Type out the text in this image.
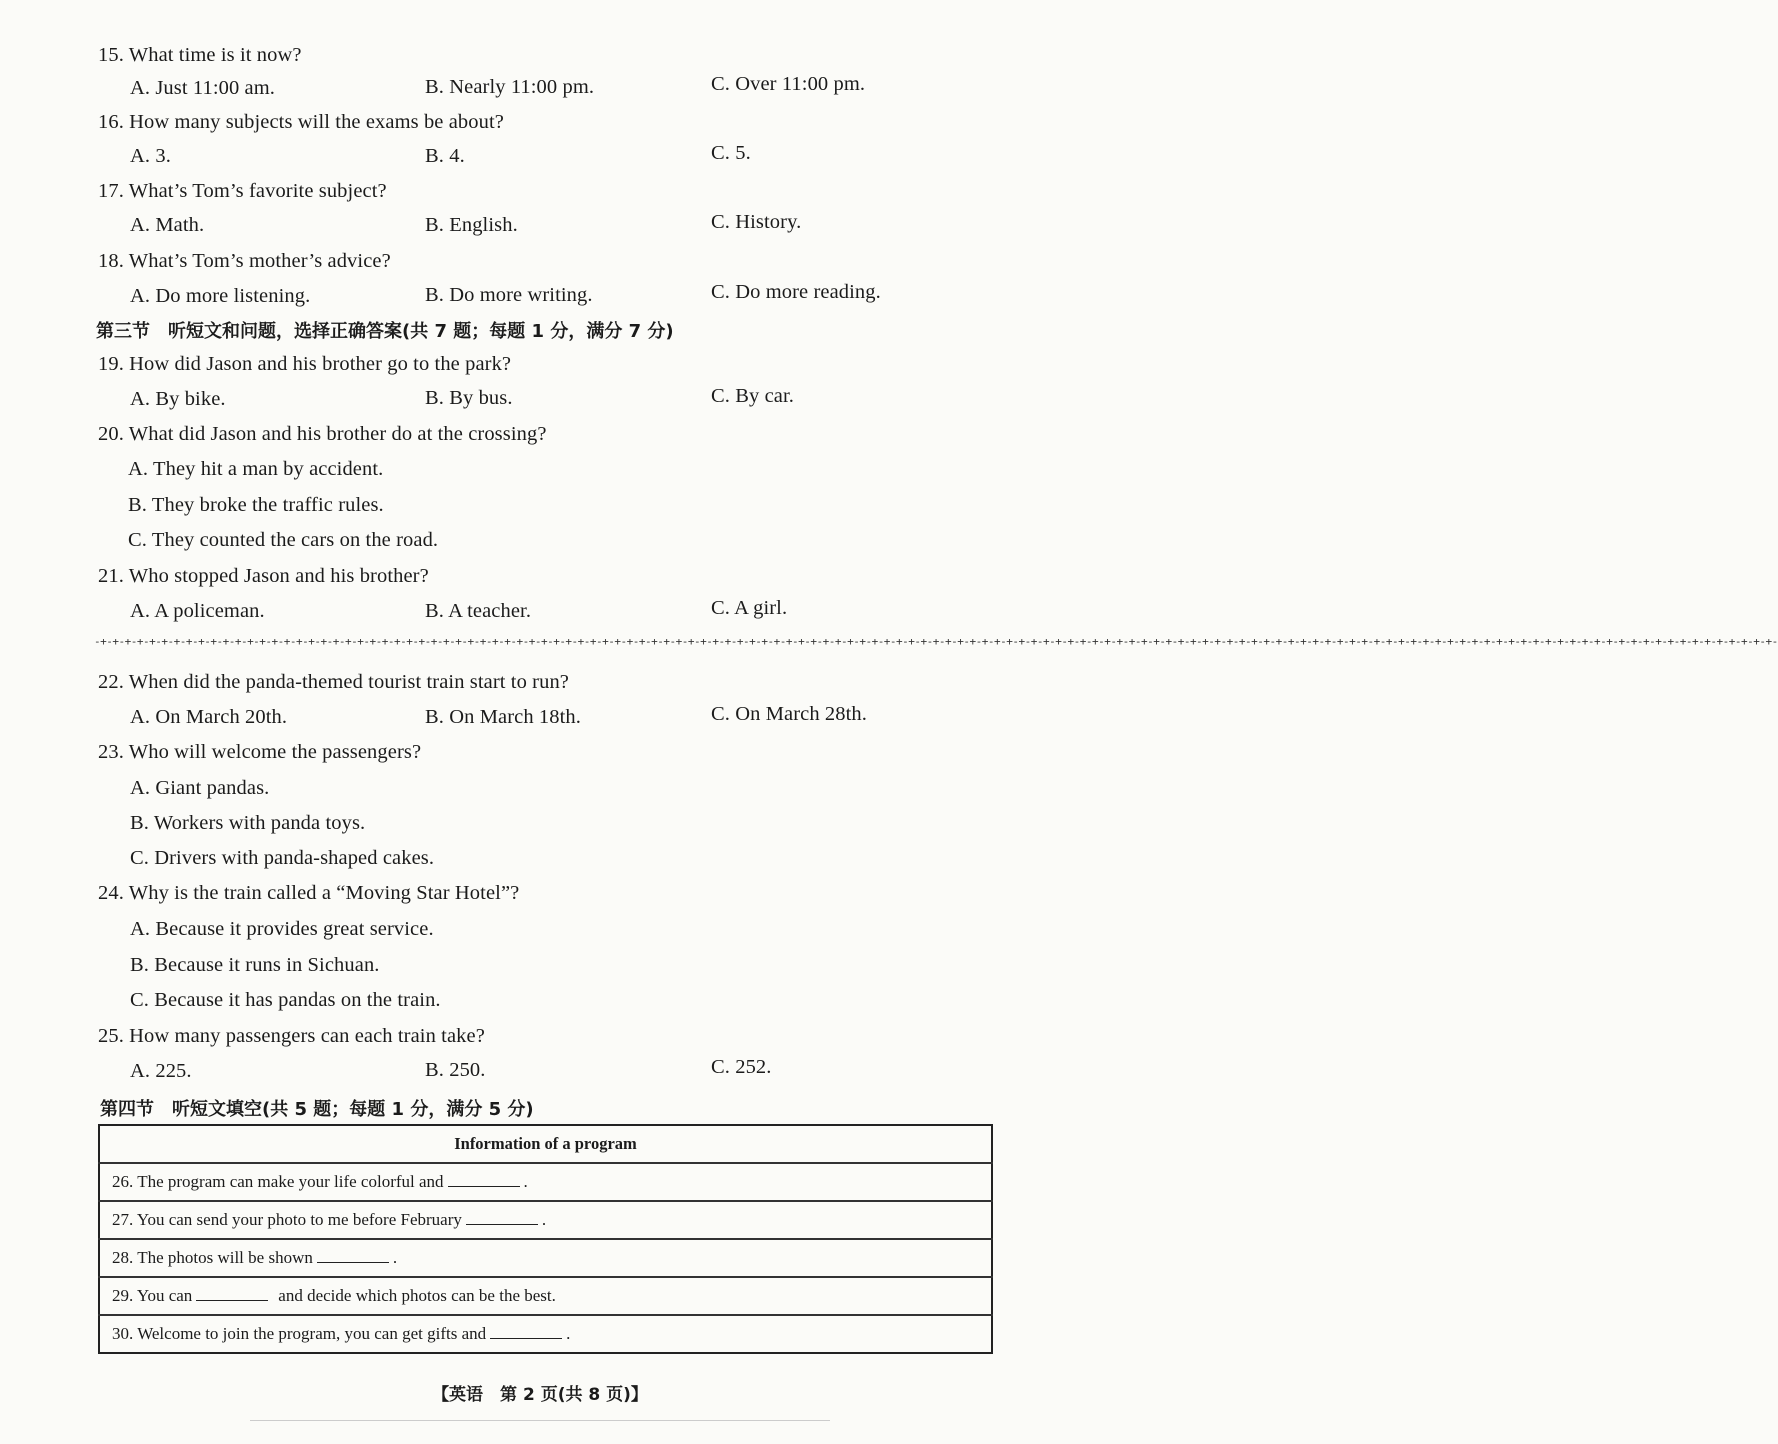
15. What time is it now?
A. Just 11:00 am.	B. Nearly 11:00 pm.	C. Over 11:00 pm.
16. How many subjects will the exams be about?
A. 3.	B. 4.	C. 5.
17. What’s Tom’s favorite subject?
A. Math.	B. English.	C. History.
18. What’s Tom’s mother’s advice?
A. Do more listening.	B. Do more writing.	C. Do more reading.
第三节　听短文和问题，选择正确答案(共 7 题；每题 1 分，满分 7 分)
19. How did Jason and his brother go to the park?
A. By bike.	B. By bus.	C. By car.
20. What did Jason and his brother do at the crossing?
A. They hit a man by accident.
B. They broke the traffic rules.
C. They counted the cars on the road.
21. Who stopped Jason and his brother?
A. A policeman.	B. A teacher.	C. A girl.
-+-+-+-+-+-+-+-+-+-+-+-+-+-+-+-+-+-+-+-+-+-+-+-+-+-+-+-+-+-+-+-+-+-+-+-+-+-+-+-+-+-+-+-+-+-+-+-+-+-+-+-+-+-+-+-+-+-+-+-+-+-+-+-+-+-+-+-+-+-+-+-+-+-+-+-+-+-+-+-+-+-+-+-+-+-+-+-+-+-+-+-+-+-+-+-+-+-+-+-+-+-+-+-+-+-+-+-+-+-+-+-+-+-+-+-+-+-+-+-+-+-+-+-+-+-+-+-+-+-+-+-+-+-+-+-+-+-
22. When did the panda-themed tourist train start to run?
A. On March 20th.	B. On March 18th.	C. On March 28th.
23. Who will welcome the passengers?
A. Giant pandas.
B. Workers with panda toys.
C. Drivers with panda-shaped cakes.
24. Why is the train called a “Moving Star Hotel”?
A. Because it provides great service.
B. Because it runs in Sichuan.
C. Because it has pandas on the train.
25. How many passengers can each train take?
A. 225.	B. 250.	C. 252.
第四节　听短文填空(共 5 题；每题 1 分，满分 5 分)
Information of a program
26. The program can make your life colorful and	.
27. You can send your photo to me before February	.
28. The photos will be shown	.
29. You can	and decide which photos can be the best.
30. Welcome to join the program, you can get gifts and	.
【英语　第 2 页(共 8 页)】
